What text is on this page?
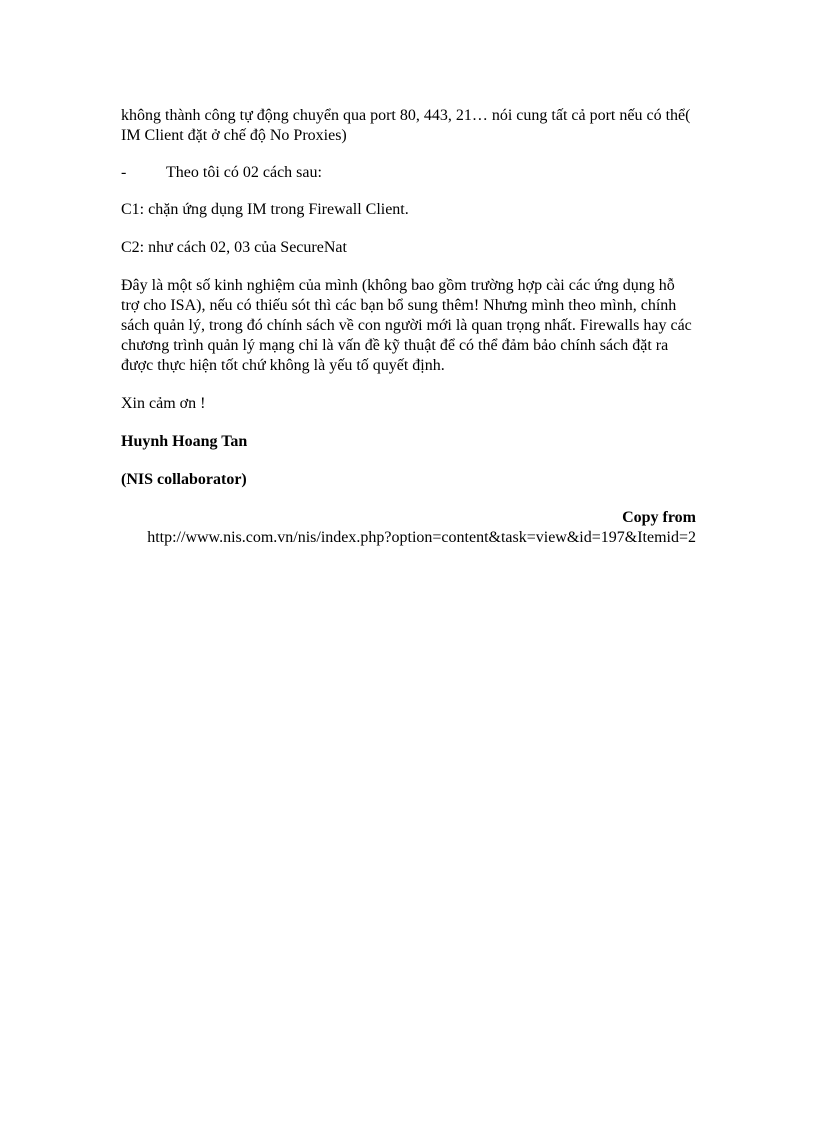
không thành công tự động chuyển qua port 80, 443, 21… nói cung tất cả port nếu có thể( IM Client đặt ở chế độ No Proxies)

-	Theo tôi có 02 cách sau:

C1: chặn ứng dụng IM trong Firewall Client.

C2: như cách 02, 03 của SecureNat

Đây là một số kinh nghiệm của mình (không bao gồm trường hợp cài các ứng dụng hỗ trợ cho ISA), nếu có thiếu sót thì các bạn bổ sung thêm! Nhưng mình theo mình, chính sách quản lý, trong đó chính sách về con người mới là quan trọng nhất. Firewalls hay các chương trình quản lý mạng chỉ là vấn đề kỹ thuật để có thể đảm bảo chính sách đặt ra được thực hiện tốt chứ không là yếu tố quyết định.

Xin cảm ơn !

Huynh Hoang Tan

(NIS collaborator)

Copy from

http://www.nis.com.vn/nis/index.php?option=content&task=view&id=197&Itemid=2
